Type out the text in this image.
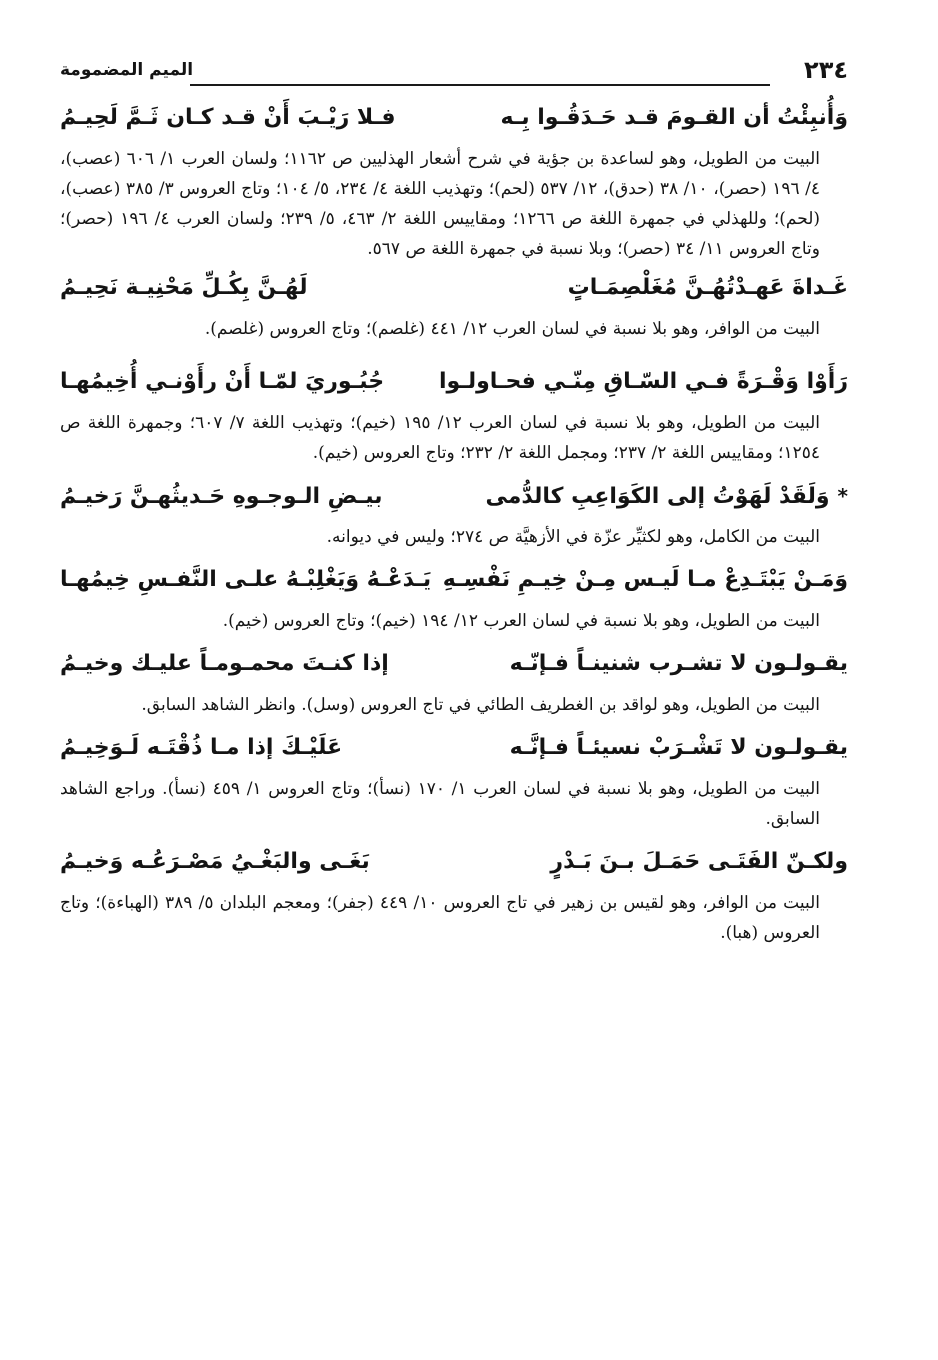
٢٣٤
الميم المضمومة
وَأُنبِئْتُ أن القـومَ قـد حَـدَقُـوا بِـه
فـلا رَيْـبَ أَنْ قـد كـان ثَـمَّ لَحِيـمُ

البيت من الطويل، وهو لساعدة بن جؤية في شرح أشعار الهذليين ص ١١٦٢؛ ولسان العرب ١/ ٦٠٦ (عصب)، ٤/ ١٩٦ (حصر)، ١٠/ ٣٨ (حدق)، ١٢/ ٥٣٧ (لحم)؛ وتهذيب اللغة ٤/ ٢٣٤، ٥/ ١٠٤؛ وتاج العروس ٣/ ٣٨٥ (عصب)، (لحم)؛ وللهذلي في جمهرة اللغة ص ١٢٦٦؛ ومقاييس اللغة ٢/ ٤٦٣، ٥/ ٢٣٩؛ ولسان العرب ٤/ ١٩٦ (حصر)؛ وتاج العروس ١١/ ٣٤ (حصر)؛ وبلا نسبة في جمهرة اللغة ص ٥٦٧.

غَـداةَ عَهـدْتُهُـنَّ مُغَلْصِمَـاتٍ
لَهُـنَّ بِكُـلِّ مَحْنِيـة نَحِيـمُ

البيت من الوافر، وهو بلا نسبة في لسان العرب ١٢/ ٤٤١ (غلصم)؛ وتاج العروس (غلصم).

رَأَوْا وَقْـرَةً فـي السّـاقِ مِنّـي فحـاولـوا
جُبُـوريَ لمّـا أَنْ رأَوْنـي أُخِيمُهـا

البيت من الطويل، وهو بلا نسبة في لسان العرب ١٢/ ١٩٥ (خيم)؛ وتهذيب اللغة ٧/ ٦٠٧؛ وجمهرة اللغة ص ١٢٥٤؛ ومقاييس اللغة ٢/ ٢٣٧؛ ومجمل اللغة ٢/ ٢٣٢؛ وتاج العروس (خيم).

*وَلَقَدْ لَهَوْتُ إلى الكَوَاعِبِ كالدُّمى
بيـضِ الـوجـوهِ حَـديثُهـنَّ رَخيـمُ

البيت من الكامل، وهو لكثيِّر عزّة في الأزهيَّة ص ٢٧٤؛ وليس في ديوانه.

وَمَـنْ يَبْتَـدِعْ مـا لَيـس مِـنْ خِيـمِ نَفْسِـهِ
يَـدَعْـهُ وَيَغْلِبْـهُ علـى النَّفـسِ خِيمُهـا

البيت من الطويل، وهو بلا نسبة في لسان العرب ١٢/ ١٩٤ (خيم)؛ وتاج العروس (خيم).

يقـولـون لا تشـرب شنينـاً فـإنّـه
إذا كنـتَ محمـومـاً عليـك وخيـمُ

البيت من الطويل، وهو لواقد بن الغطريف الطائي في تاج العروس (وسل). وانظر الشاهد السابق.

يقـولـون لا تَشْـرَبْ نسيئـاً فـإنَّـه
عَلَيْـكَ إذا مـا ذُقْتَـه لَـوَخِيـمُ

البيت من الطويل، وهو بلا نسبة في لسان العرب ١/ ١٧٠ (نسأ)؛ وتاج العروس ١/ ٤٥٩ (نسأ). وراجع الشاهد السابق.

ولكـنّ الفَتَـى حَمَـلَ بـنَ بَـدْرٍ
بَغَـى والبَغْـيُ مَصْـرَعُـه وَخيـمُ

البيت من الوافر، وهو لقيس بن زهير في تاج العروس ١٠/ ٤٤٩ (جفر)؛ ومعجم البلدان ٥/ ٣٨٩ (الهباءة)؛ وتاج العروس (هبا).
